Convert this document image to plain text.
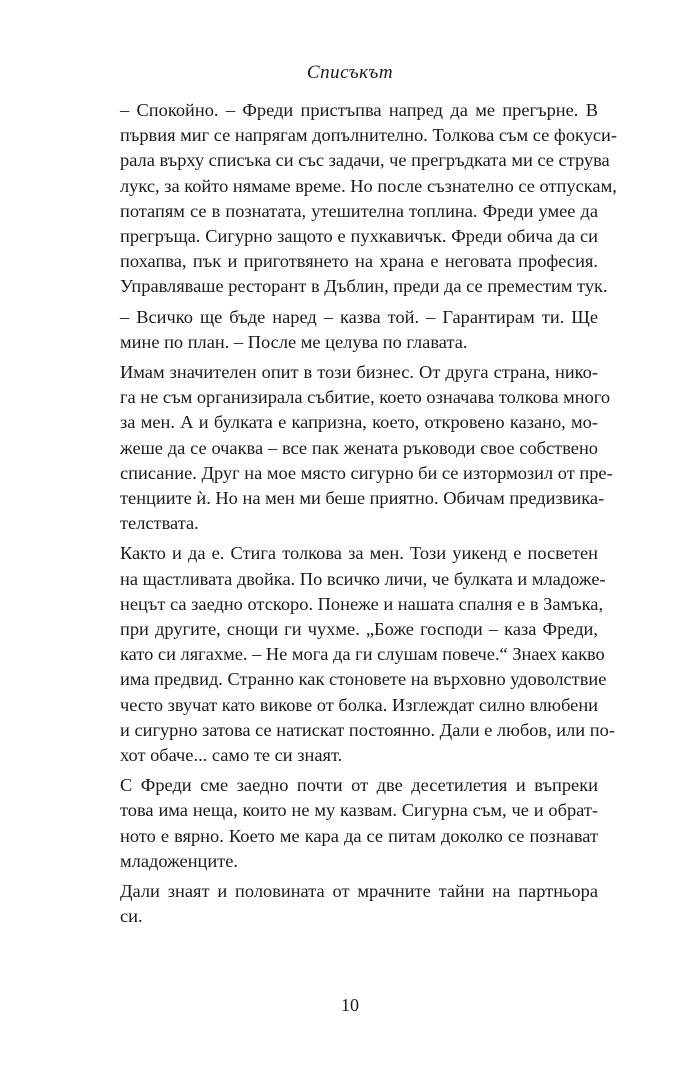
Списъкът

– Спокойно. – Фреди пристъпва напред да ме прегърне. В
първия миг се напрягам допълнително. Толкова съм се фокуси-
рала върху списъка си със задачи, че прегръдката ми се струва
лукс, за който нямаме време. Но после съзнателно се отпускам,
потапям се в познатата, утешителна топлина. Фреди умее да
прегръща. Сигурно защото е пухкавичък. Фреди обича да си
похапва, пък и приготвянето на храна е неговата професия.
Управляваше ресторант в Дъблин, преди да се преместим тук.

– Всичко ще бъде наред – казва той. – Гарантирам ти. Ще
мине по план. – После ме целува по главата.

Имам значителен опит в този бизнес. От друга страна, нико-
га не съм организирала събитие, което означава толкова много
за мен. А и булката е капризна, което, откровено казано, мо-
жеше да се очаква – все пак жената ръководи свое собствено
списание. Друг на мое място сигурно би се изтормозил от пре-
тенциите ѝ. Но на мен ми беше приятно. Обичам предизвика-
телствата.

Както и да е. Стига толкова за мен. Този уикенд е посветен
на щастливата двойка. По всичко личи, че булката и младоже-
нецът са заедно отскоро. Понеже и нашата спалня е в Замъка,
при другите, снощи ги чухме. „Боже господи – каза Фреди,
като си лягахме. – Не мога да ги слушам повече.“ Знаех какво
има предвид. Странно как стоновете на върховно удоволствие
често звучат като викове от болка. Изглеждат силно влюбени
и сигурно затова се натискат постоянно. Дали е любов, или по-
хот обаче... само те си знаят.

С Фреди сме заедно почти от две десетилетия и въпреки
това има неща, които не му казвам. Сигурна съм, че и обрат-
ното е вярно. Което ме кара да се питам доколко се познават
младоженците.

Дали знаят и половината от мрачните тайни на партньора
си.

10
